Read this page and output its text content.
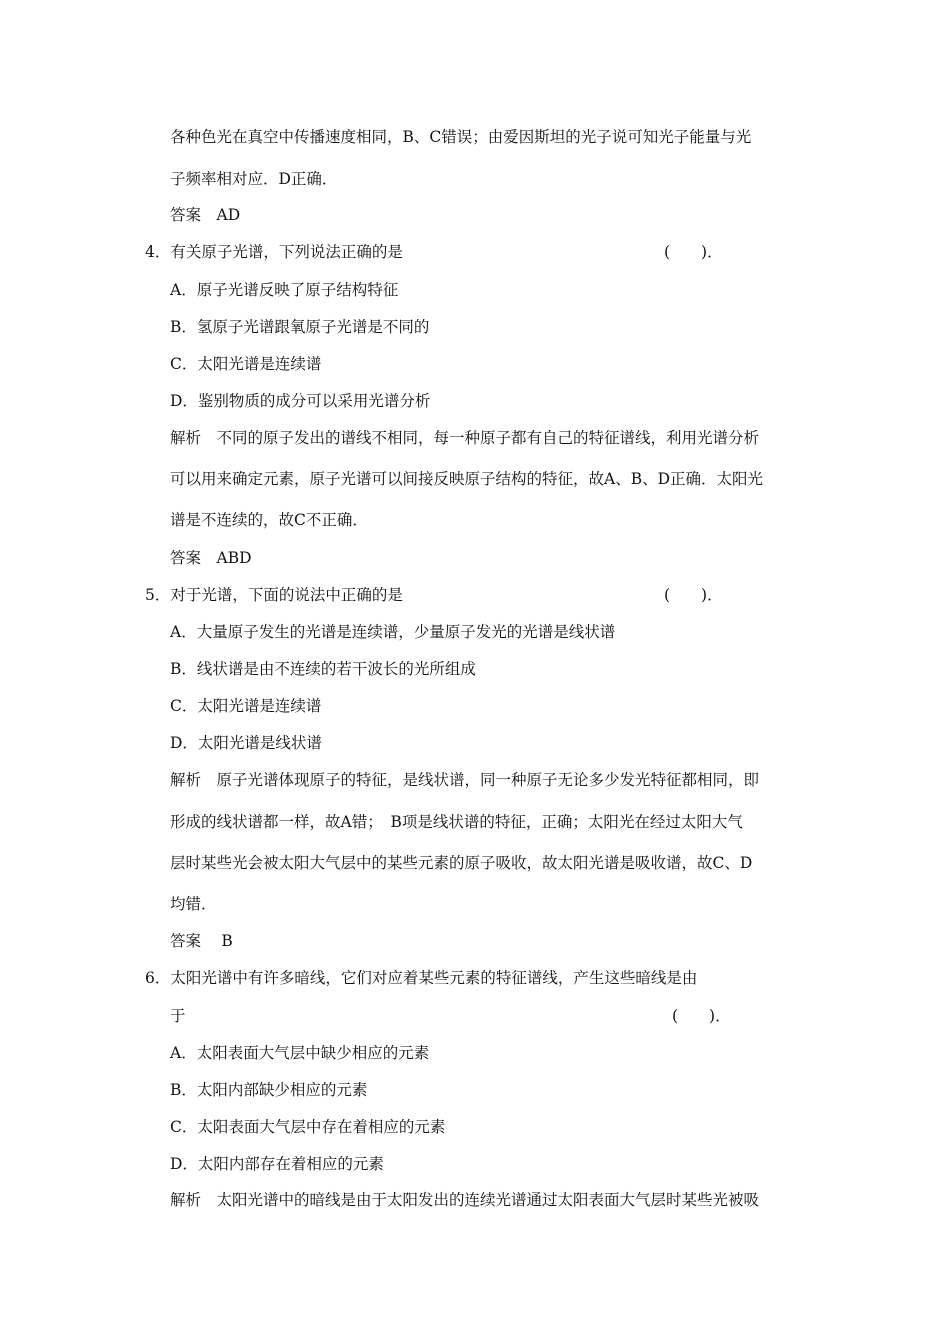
各种色光在真空中传播速度相同，B、C错误；由爱因斯坦的光子说可知光子能量与光
子频率相对应．D正确．
答案　AD
4．有关原子光谱，下列说法正确的是	(　　)．
A．原子光谱反映了原子结构特征
B．氢原子光谱跟氧原子光谱是不同的
C．太阳光谱是连续谱
D．鉴别物质的成分可以采用光谱分析
解析　不同的原子发出的谱线不相同，每一种原子都有自己的特征谱线，利用光谱分析
可以用来确定元素，原子光谱可以间接反映原子结构的特征，故A、B、D正确．太阳光
谱是不连续的，故C不正确．
答案　ABD
5．对于光谱，下面的说法中正确的是	(　　)．
A．大量原子发生的光谱是连续谱，少量原子发光的光谱是线状谱
B．线状谱是由不连续的若干波长的光所组成
C．太阳光谱是连续谱
D．太阳光谱是线状谱
解析　原子光谱体现原子的特征，是线状谱，同一种原子无论多少发光特征都相同，即
形成的线状谱都一样，故A错；　B项是线状谱的特征，正确；太阳光在经过太阳大气
层时某些光会被太阳大气层中的某些元素的原子吸收，故太阳光谱是吸收谱，故C、D
均错．
答案　 B
6．太阳光谱中有许多暗线，它们对应着某些元素的特征谱线，产生这些暗线是由
于	(　　)．
A．太阳表面大气层中缺少相应的元素
B．太阳内部缺少相应的元素
C．太阳表面大气层中存在着相应的元素
D．太阳内部存在着相应的元素
解析　太阳光谱中的暗线是由于太阳发出的连续光谱通过太阳表面大气层时某些光被吸
